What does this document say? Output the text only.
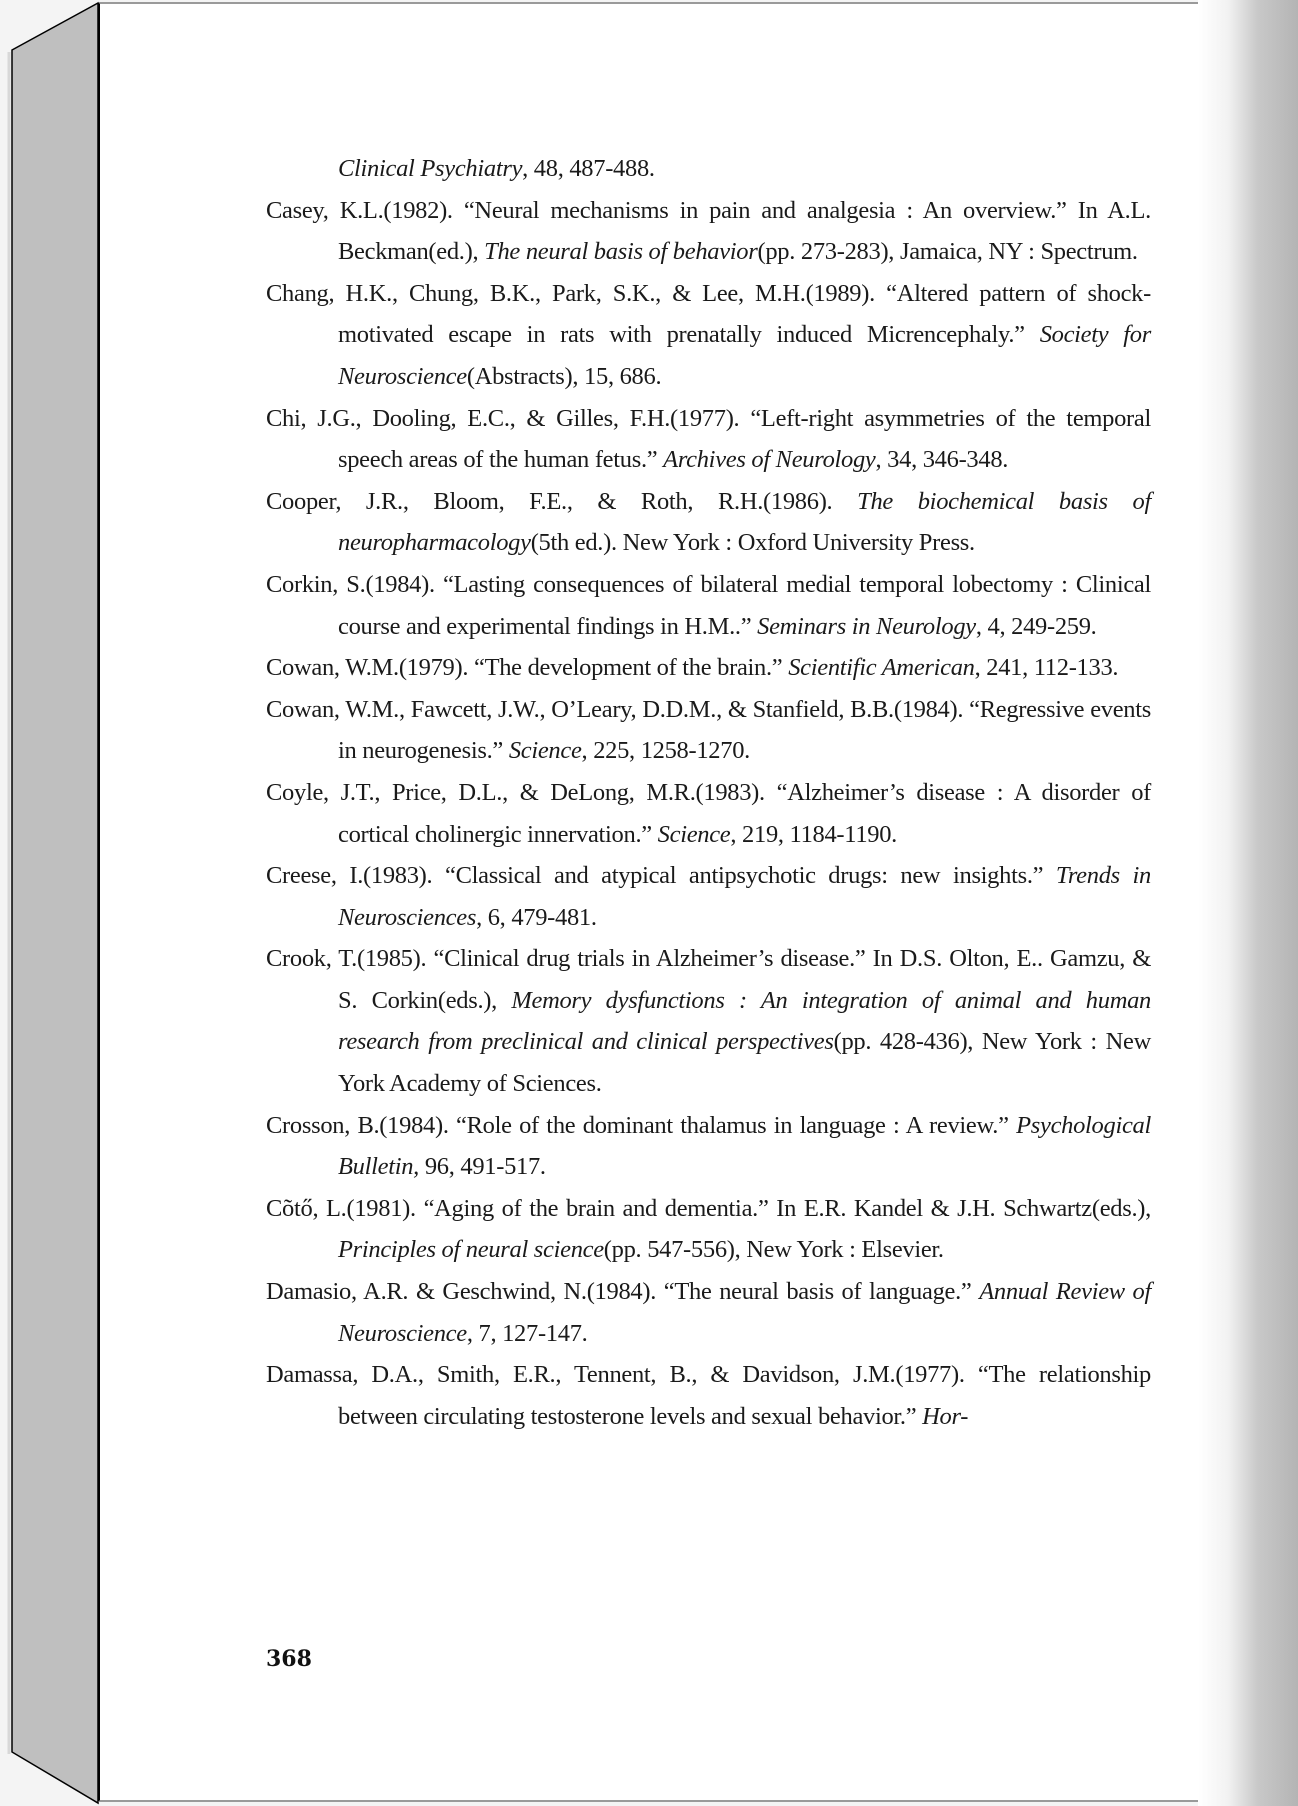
Clinical Psychiatry, 48, 487-488.

Casey, K.L.(1982). “Neural mechanisms in pain and analgesia : An overview.” In A.L. Beckman(ed.), The neural basis of behavior(pp. 273-283), Jamaica, NY : Spectrum.

Chang, H.K., Chung, B.K., Park, S.K., & Lee, M.H.(1989). “Altered pattern of shock-motivated escape in rats with prenatally induced Micrencephaly.” Society for Neuroscience(Abstracts), 15, 686.

Chi, J.G., Dooling, E.C., & Gilles, F.H.(1977). “Left-right asymmetries of the temporal speech areas of the human fetus.” Archives of Neurology, 34, 346-348.

Cooper, J.R., Bloom, F.E., & Roth, R.H.(1986). The biochemical basis of neuropharmacology(5th ed.). New York : Oxford University Press.

Corkin, S.(1984). “Lasting consequences of bilateral medial temporal lobectomy : Clinical course and experimental findings in H.M..” Seminars in Neurology, 4, 249-259.

Cowan, W.M.(1979). “The development of the brain.” Scientific American, 241, 112-133.

Cowan, W.M., Fawcett, J.W., O’Leary, D.D.M., & Stanfield, B.B.(1984). “Regressive events in neurogenesis.” Science, 225, 1258-1270.

Coyle, J.T., Price, D.L., & DeLong, M.R.(1983). “Alzheimer’s disease : A disorder of cortical cholinergic innervation.” Science, 219, 1184-1190.

Creese, I.(1983). “Classical and atypical antipsychotic drugs: new insights.” Trends in Neurosciences, 6, 479-481.

Crook, T.(1985). “Clinical drug trials in Alzheimer’s disease.” In D.S. Olton, E.. Gamzu, & S. Corkin(eds.), Memory dysfunctions : An integration of animal and human research from preclinical and clinical perspectives(pp. 428-436), New York : New York Academy of Sciences.

Crosson, B.(1984). “Role of the dominant thalamus in language : A review.” Psychological Bulletin, 96, 491-517.

Cõtő, L.(1981). “Aging of the brain and dementia.” In E.R. Kandel & J.H. Schwartz(eds.), Principles of neural science(pp. 547-556), New York : Elsevier.

Damasio, A.R. & Geschwind, N.(1984). “The neural basis of language.” Annual Review of Neuroscience, 7, 127-147.

Damassa, D.A., Smith, E.R., Tennent, B., & Davidson, J.M.(1977). “The relationship between circulating testosterone levels and sexual behavior.” Hor-

368
